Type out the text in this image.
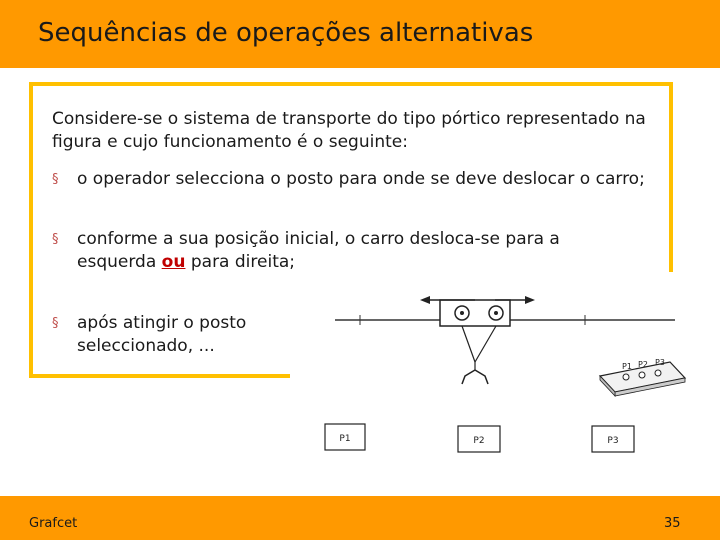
Sequências de operações alternativas
Considere-se o sistema de transporte do tipo pórtico representado na figura e cujo funcionamento é o seguinte:
§	o operador selecciona o posto para onde se deve deslocar o carro;
§	conforme a sua posição inicial, o carro desloca-se para a esquerda ou para direita;
§	após atingir o posto seleccionado, ...
P1 P2 P3
P1	P2	P3
Grafcet	35
